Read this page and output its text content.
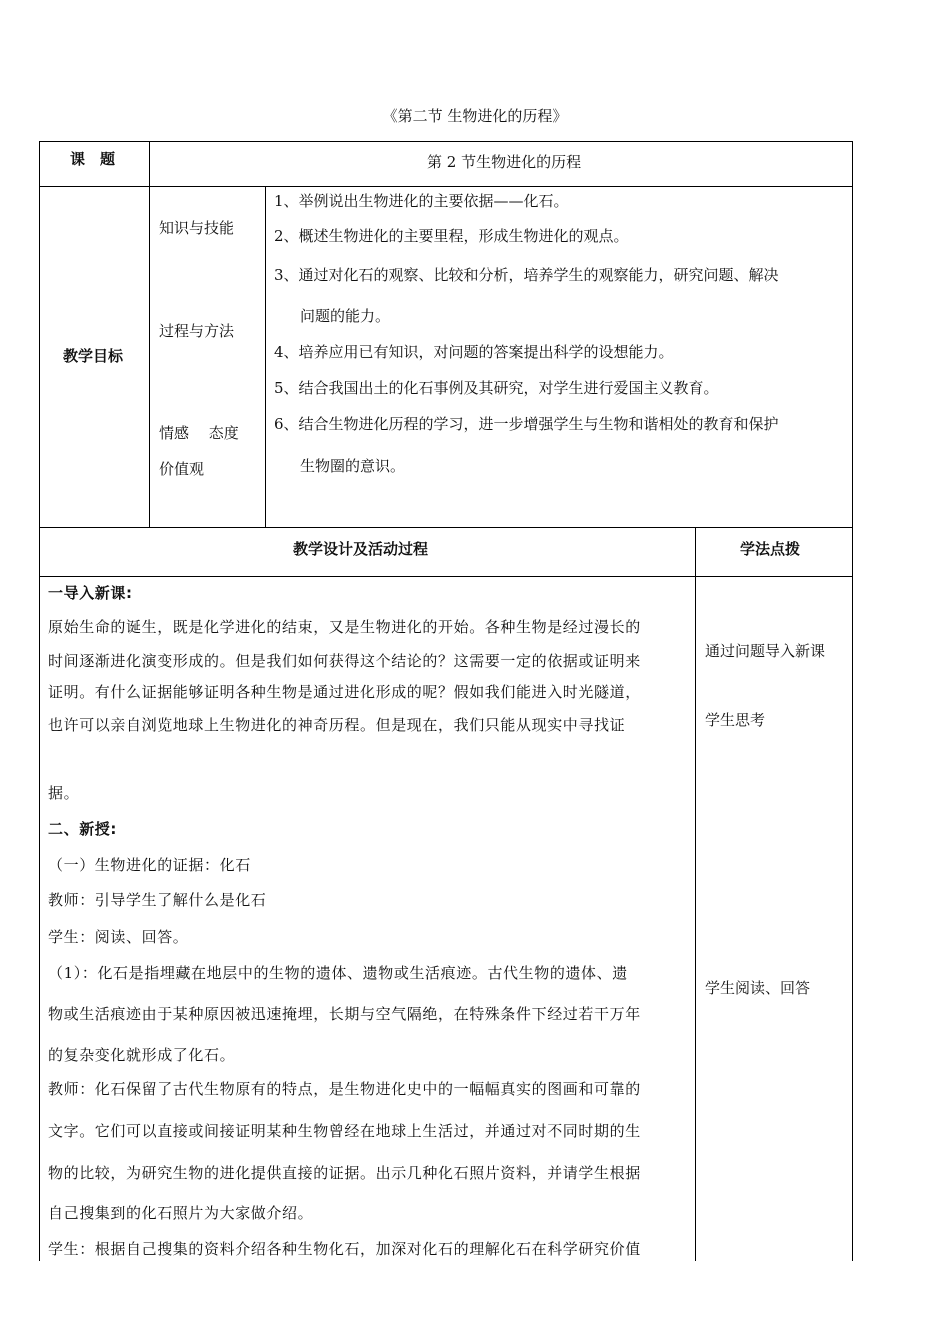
《第二节 生物进化的历程》
课　题	第 2 节生物进化的历程
教学目标
知识与技能
过程与方法
情感　 态度
价值观
1、举例说出生物进化的主要依据——化石。
2、概述生物进化的主要里程，形成生物进化的观点。
3、通过对化石的观察、比较和分析，培养学生的观察能力，研究问题、解决
问题的能力。
4、培养应用已有知识，对问题的答案提出科学的设想能力。
5、结合我国出土的化石事例及其研究，对学生进行爱国主义教育。
6、结合生物进化历程的学习，进一步增强学生与生物和谐相处的教育和保护
生物圈的意识。
教学设计及活动过程	学法点拨
一导入新课:
原始生命的诞生，既是化学进化的结束，又是生物进化的开始。各种生物是经过漫长的
时间逐渐进化演变形成的。但是我们如何获得这个结论的？这需要一定的依据或证明来
证明。有什么证据能够证明各种生物是通过进化形成的呢？假如我们能进入时光隧道，
也许可以亲自浏览地球上生物进化的神奇历程。但是现在，我们只能从现实中寻找证
据。
二、新授:
（一）生物进化的证据：化石
教师：引导学生了解什么是化石
学生：阅读、回答。
（1）：化石是指埋藏在地层中的生物的遗体、遗物或生活痕迹。古代生物的遗体、遗
物或生活痕迹由于某种原因被迅速掩埋，长期与空气隔绝，在特殊条件下经过若干万年
的复杂变化就形成了化石。
教师：化石保留了古代生物原有的特点，是生物进化史中的一幅幅真实的图画和可靠的
文字。它们可以直接或间接证明某种生物曾经在地球上生活过，并通过对不同时期的生
物的比较，为研究生物的进化提供直接的证据。出示几种化石照片资料，并请学生根据
自己搜集到的化石照片为大家做介绍。
学生：根据自己搜集的资料介绍各种生物化石，加深对化石的理解化石在科学研究价值
通过问题导入新课
学生思考
学生阅读、回答
